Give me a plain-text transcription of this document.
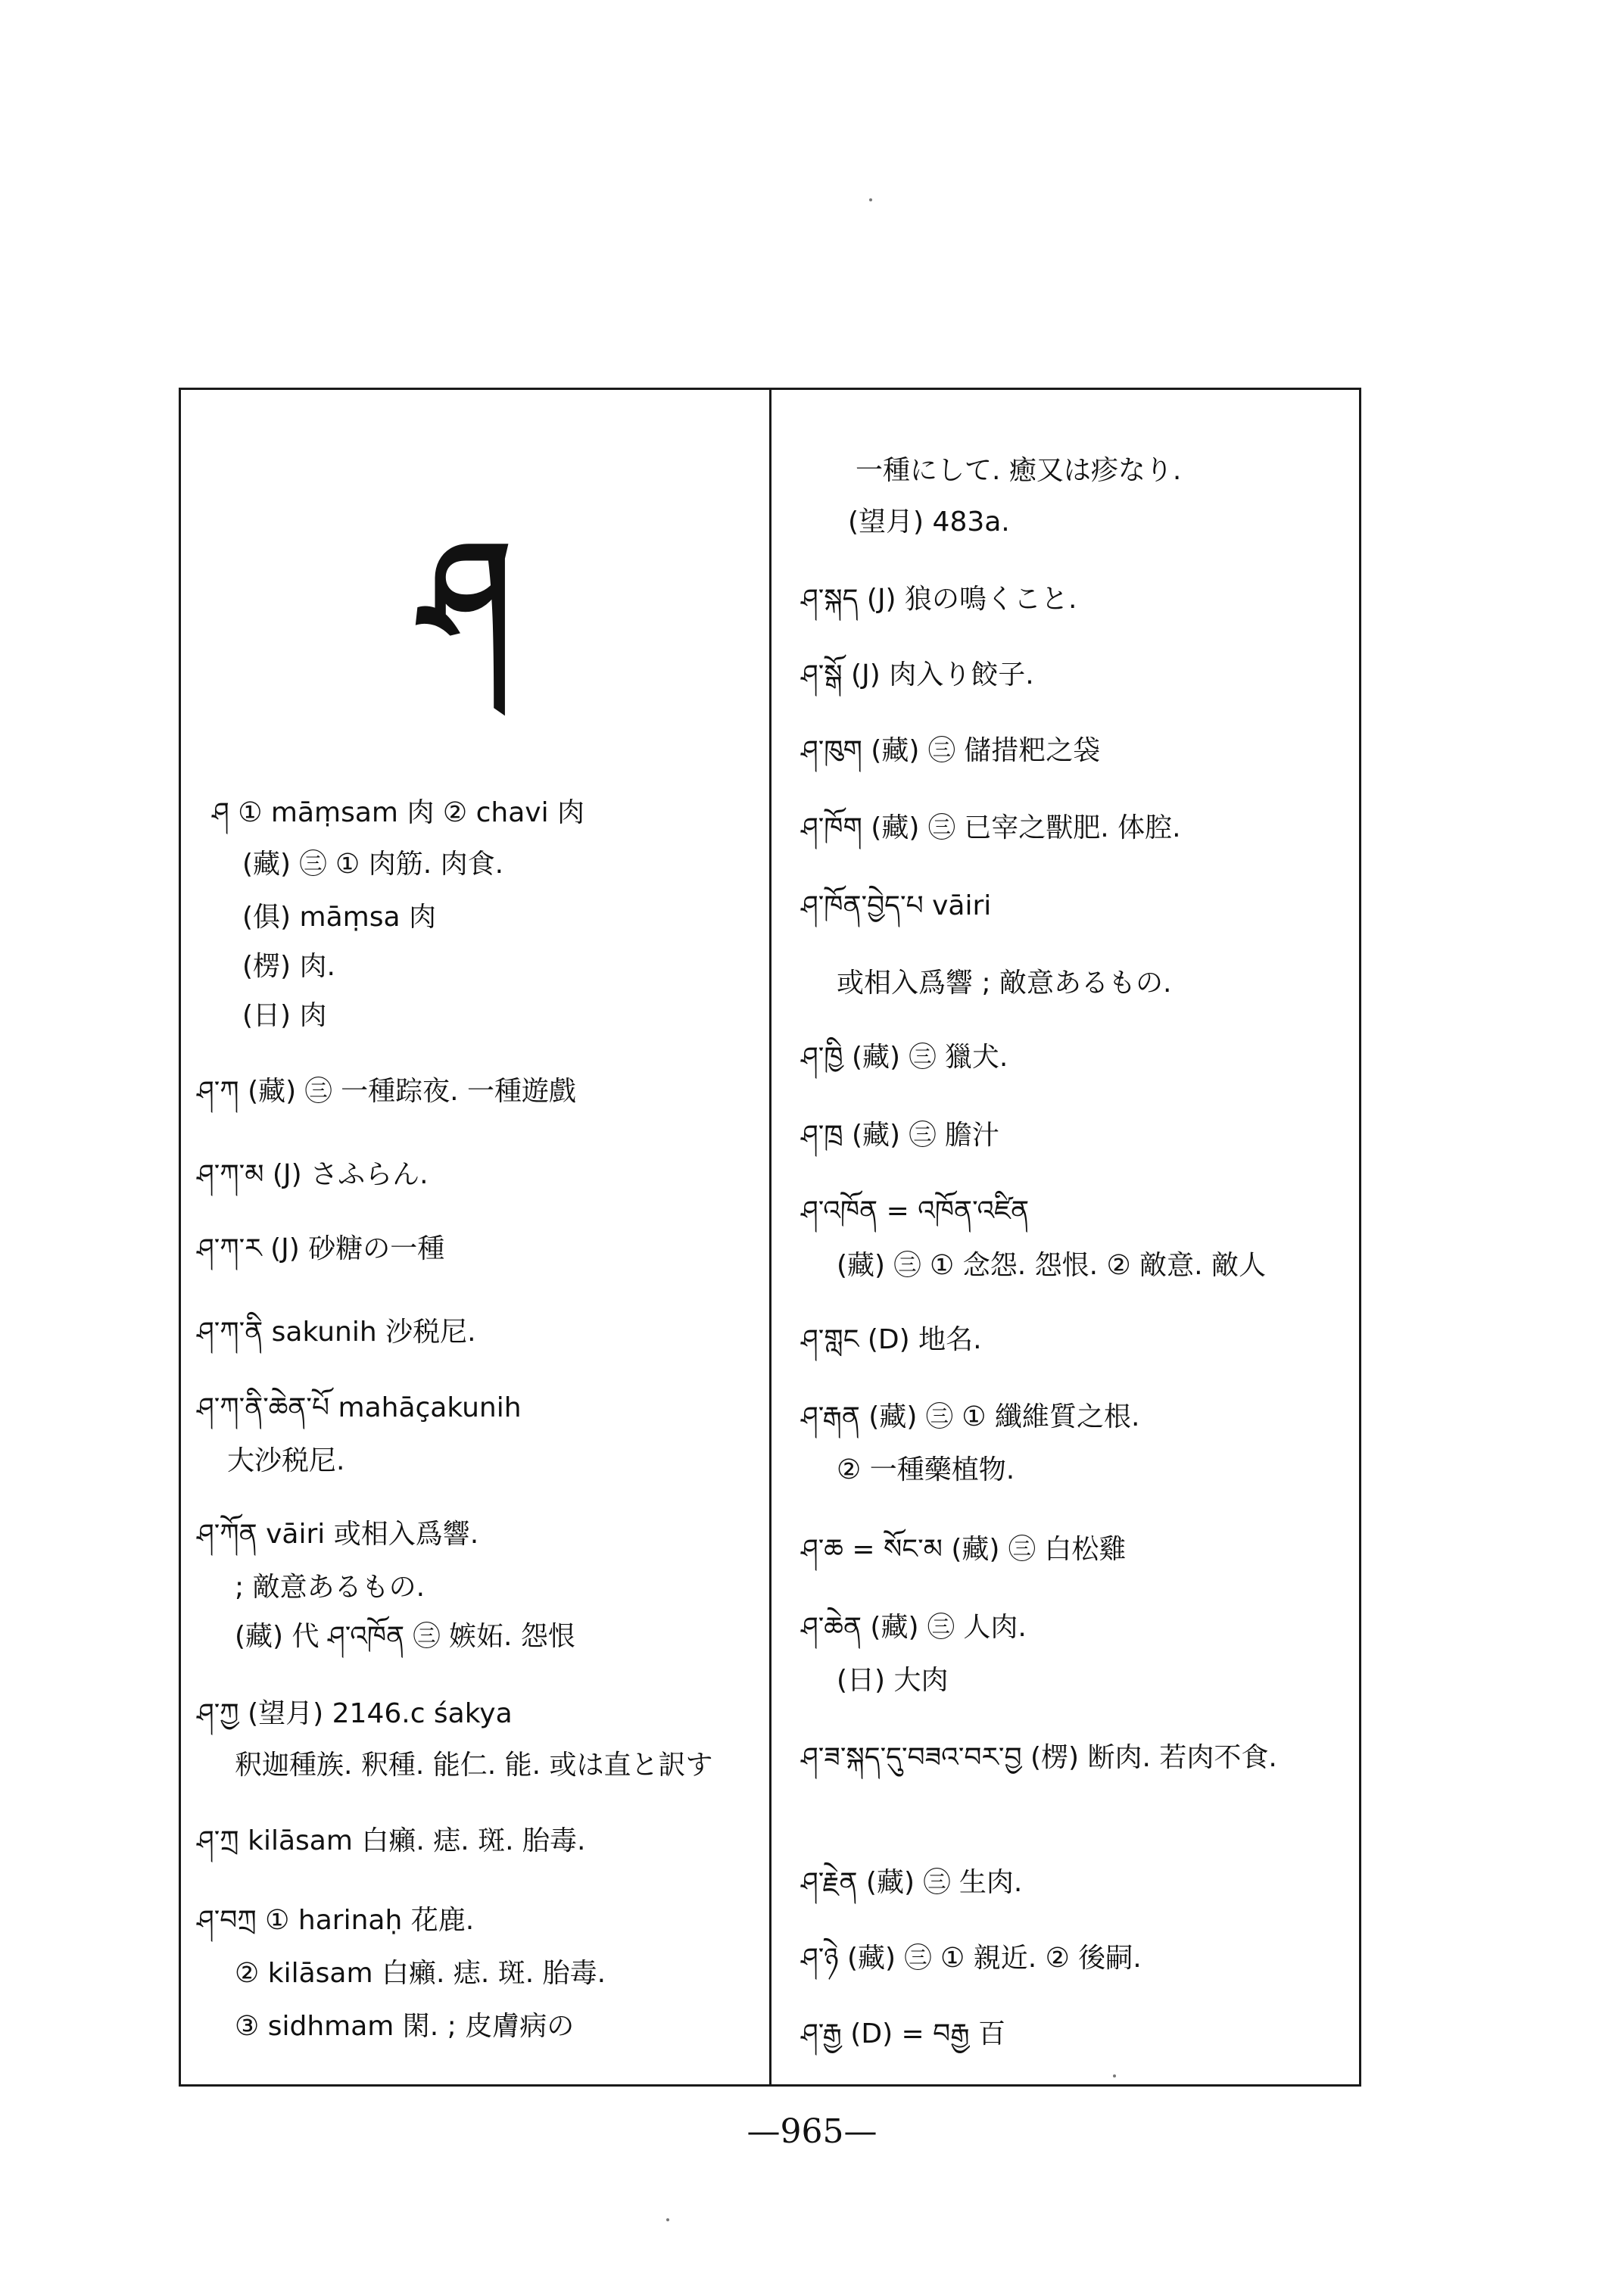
ཤ
ཤ ① māṃsam 肉 ② chavi 肉
(藏) ㊂ ① 肉筋. 肉食.
(俱) māṃsa 肉
(楞) 肉.
(日) 肉
ཤ་ཀ (藏) ㊂ 一種踪夜. 一種遊戲
ཤ་ཀ་མ (J) さふらん.
ཤ་ཀ་ར (J) 砂糖の一種
ཤ་ཀ་ནི sakunih 沙税尼.
ཤ་ཀ་ནི་ཆེན་པོ mahāçakunih
大沙税尼.
ཤ་ཀོན vāiri 或相入爲響.
; 敵意あるもの.
(藏) 代 ཤ་འཁོན ㊂ 嫉妬. 怨恨
ཤ་ཀྱ (望月) 2146.c śakya
釈迦種族. 釈種. 能仁. 能. 或は直と訳す
ཤ་ཀྲ kilāsam 白癩. 痣. 斑. 胎毒.
ཤ་བཀྲ ① harinaḥ 花鹿.
② kilāsam 白癩. 痣. 斑. 胎毒.
③ sidhmam 閑. ; 皮膚病の
一種にして. 癒又は疹なり.
(望月) 483a.
ཤ་སྐད (J) 狼の鳴くこと.
ཤ་སྒོ (J) 肉入り餃子.
ཤ་ཁུག (藏) ㊂ 儲措粑之袋
ཤ་ཁོག (藏) ㊂ 已宰之獸肥. 体腔.
ཤ་ཁོན་བྱེད་པ vāiri
或相入爲響 ; 敵意あるもの.
ཤ་ཁྱི (藏) ㊂ 獵犬.
ཤ་ཁྲ (藏) ㊂ 膽汁
ཤ་འཁོན = འཁོན་འཛིན
(藏) ㊂ ① 念怨. 怨恨. ② 敵意. 敵人
ཤ་གླང (D) 地名.
ཤ་རྒན (藏) ㊂ ① 纖維質之根.
② 一種藥植物.
ཤ་ཆ = སོང་མ (藏) ㊂ 白松雞
ཤ་ཆེན (藏) ㊂ 人肉.
(日) 大肉
ཤ་ཟ་སྐད་དུ་བཟའ་བར་བྱ (楞) 断肉. 若肉不食.
ཤ་རྗེན (藏) ㊂ 生肉.
ཤ་ཉེ (藏) ㊂ ① 親近. ② 後嗣.
ཤ་རྒྱ (D) = བརྒྱ 百
—965—
